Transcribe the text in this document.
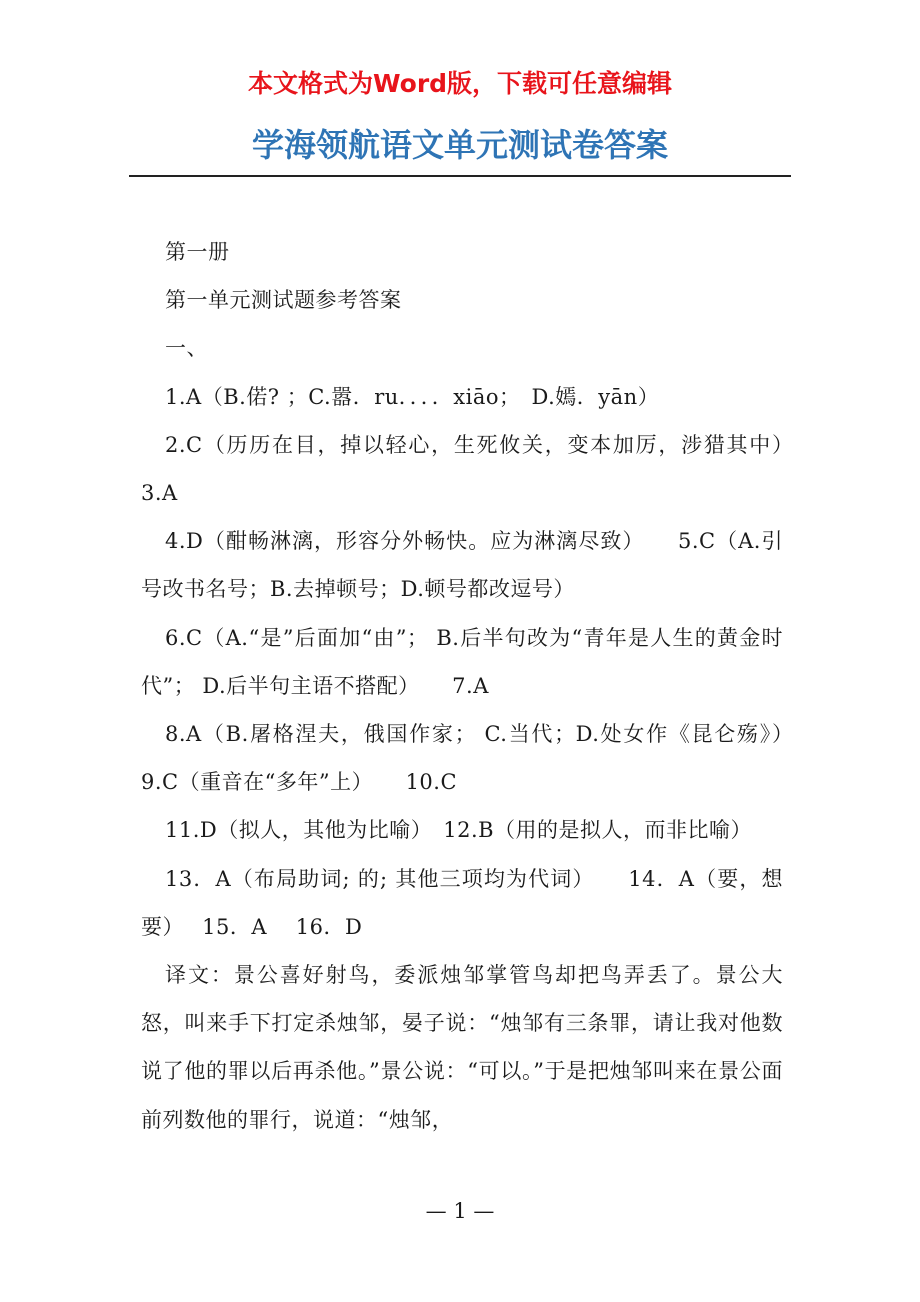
本文格式为Word版，下载可任意编辑
学海领航语文单元测试卷答案

第一册

第一单元测试题参考答案

一、

1.A（B.偌? ；C.嚣．ru．．．．xiāo；　D.嫣．yān）

2.C（历历在目，掉以轻心，生死攸关，变本加厉，涉猎其中）　3.A

4.D（酣畅淋漓，形容分外畅快。应为淋漓尽致）　　5.C（A.引号改书名号；B.去掉顿号；D.顿号都改逗号）

6.C（A.“是”后面加“由”； B.后半句改为“青年是人生的黄金时代”； D.后半句主语不搭配）　　7.A

8.A（B.屠格涅夫，俄国作家； C.当代；D.处女作《昆仑殇》）　9.C（重音在“多年”上）　　10.C

11.D（拟人，其他为比喻）　12.B（用的是拟人，而非比喻）

13．A（布局助词; 的; 其他三项均为代词）　　14．A（要，想要）　 15．A　 16．D

译文：景公喜好射鸟，委派烛邹掌管鸟却把鸟弄丢了。景公大怒，叫来手下打定杀烛邹，晏子说：“烛邹有三条罪，请让我对他数说了他的罪以后再杀他。”景公说：“可以。”于是把烛邹叫来在景公面前列数他的罪行，说道：“烛邹，

— 1 —
